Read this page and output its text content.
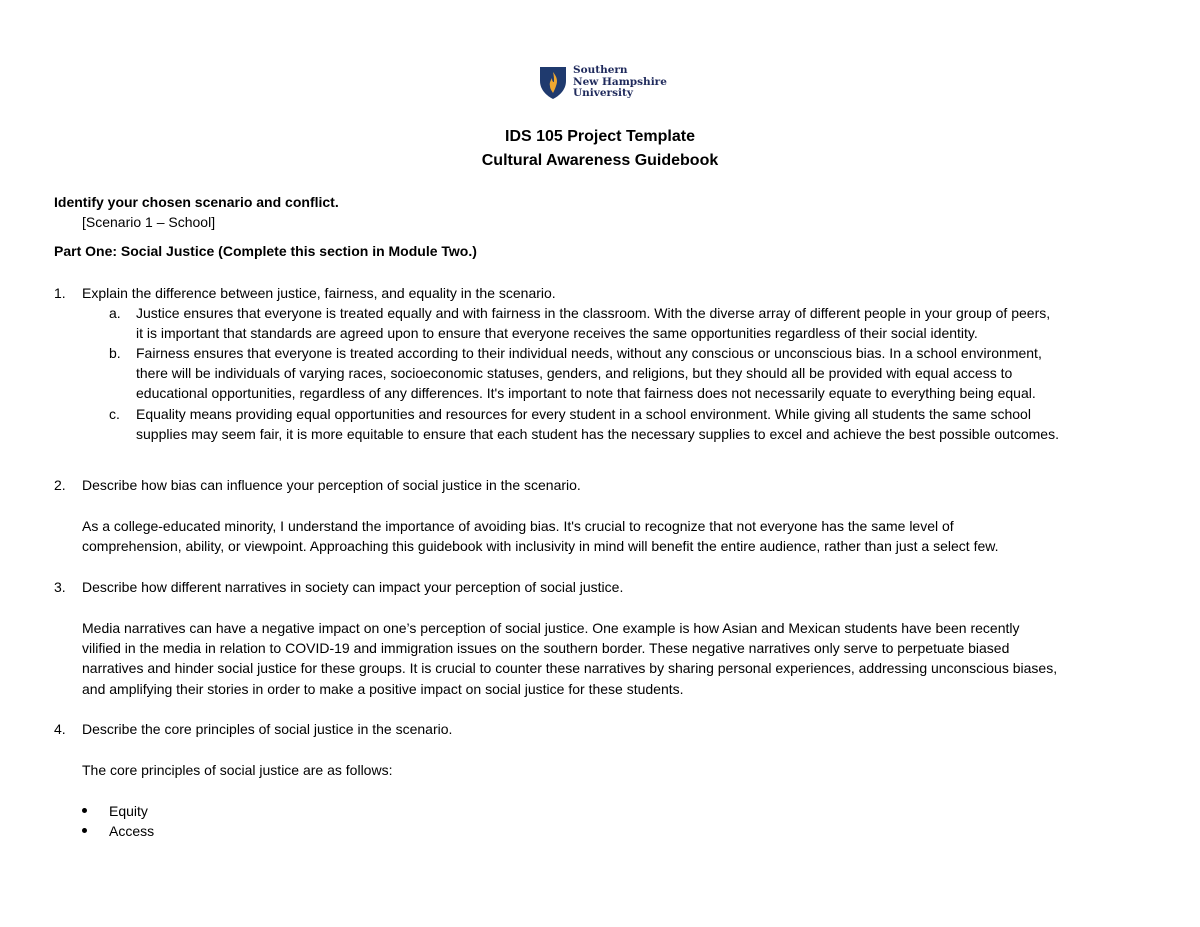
Southern
New Hampshire
University
IDS 105 Project Template
Cultural Awareness Guidebook
Identify your chosen scenario and conflict.
[Scenario 1 – School]
Part One: Social Justice (Complete this section in Module Two.)
1. Explain the difference between justice, fairness, and equality in the scenario.
a. Justice ensures that everyone is treated equally and with fairness in the classroom. With the diverse array of different people in your group of peers,
it is important that standards are agreed upon to ensure that everyone receives the same opportunities regardless of their social identity.
b. Fairness ensures that everyone is treated according to their individual needs, without any conscious or unconscious bias. In a school environment,
there will be individuals of varying races, socioeconomic statuses, genders, and religions, but they should all be provided with equal access to
educational opportunities, regardless of any differences. It's important to note that fairness does not necessarily equate to everything being equal.
c. Equality means providing equal opportunities and resources for every student in a school environment. While giving all students the same school
supplies may seem fair, it is more equitable to ensure that each student has the necessary supplies to excel and achieve the best possible outcomes.
2. Describe how bias can influence your perception of social justice in the scenario.
As a college-educated minority, I understand the importance of avoiding bias. It's crucial to recognize that not everyone has the same level of
comprehension, ability, or viewpoint. Approaching this guidebook with inclusivity in mind will benefit the entire audience, rather than just a select few.
3. Describe how different narratives in society can impact your perception of social justice.
Media narratives can have a negative impact on one’s perception of social justice. One example is how Asian and Mexican students have been recently
vilified in the media in relation to COVID-19 and immigration issues on the southern border. These negative narratives only serve to perpetuate biased
narratives and hinder social justice for these groups. It is crucial to counter these narratives by sharing personal experiences, addressing unconscious biases,
and amplifying their stories in order to make a positive impact on social justice for these students.
4. Describe the core principles of social justice in the scenario.
The core principles of social justice are as follows:
Equity
Access
